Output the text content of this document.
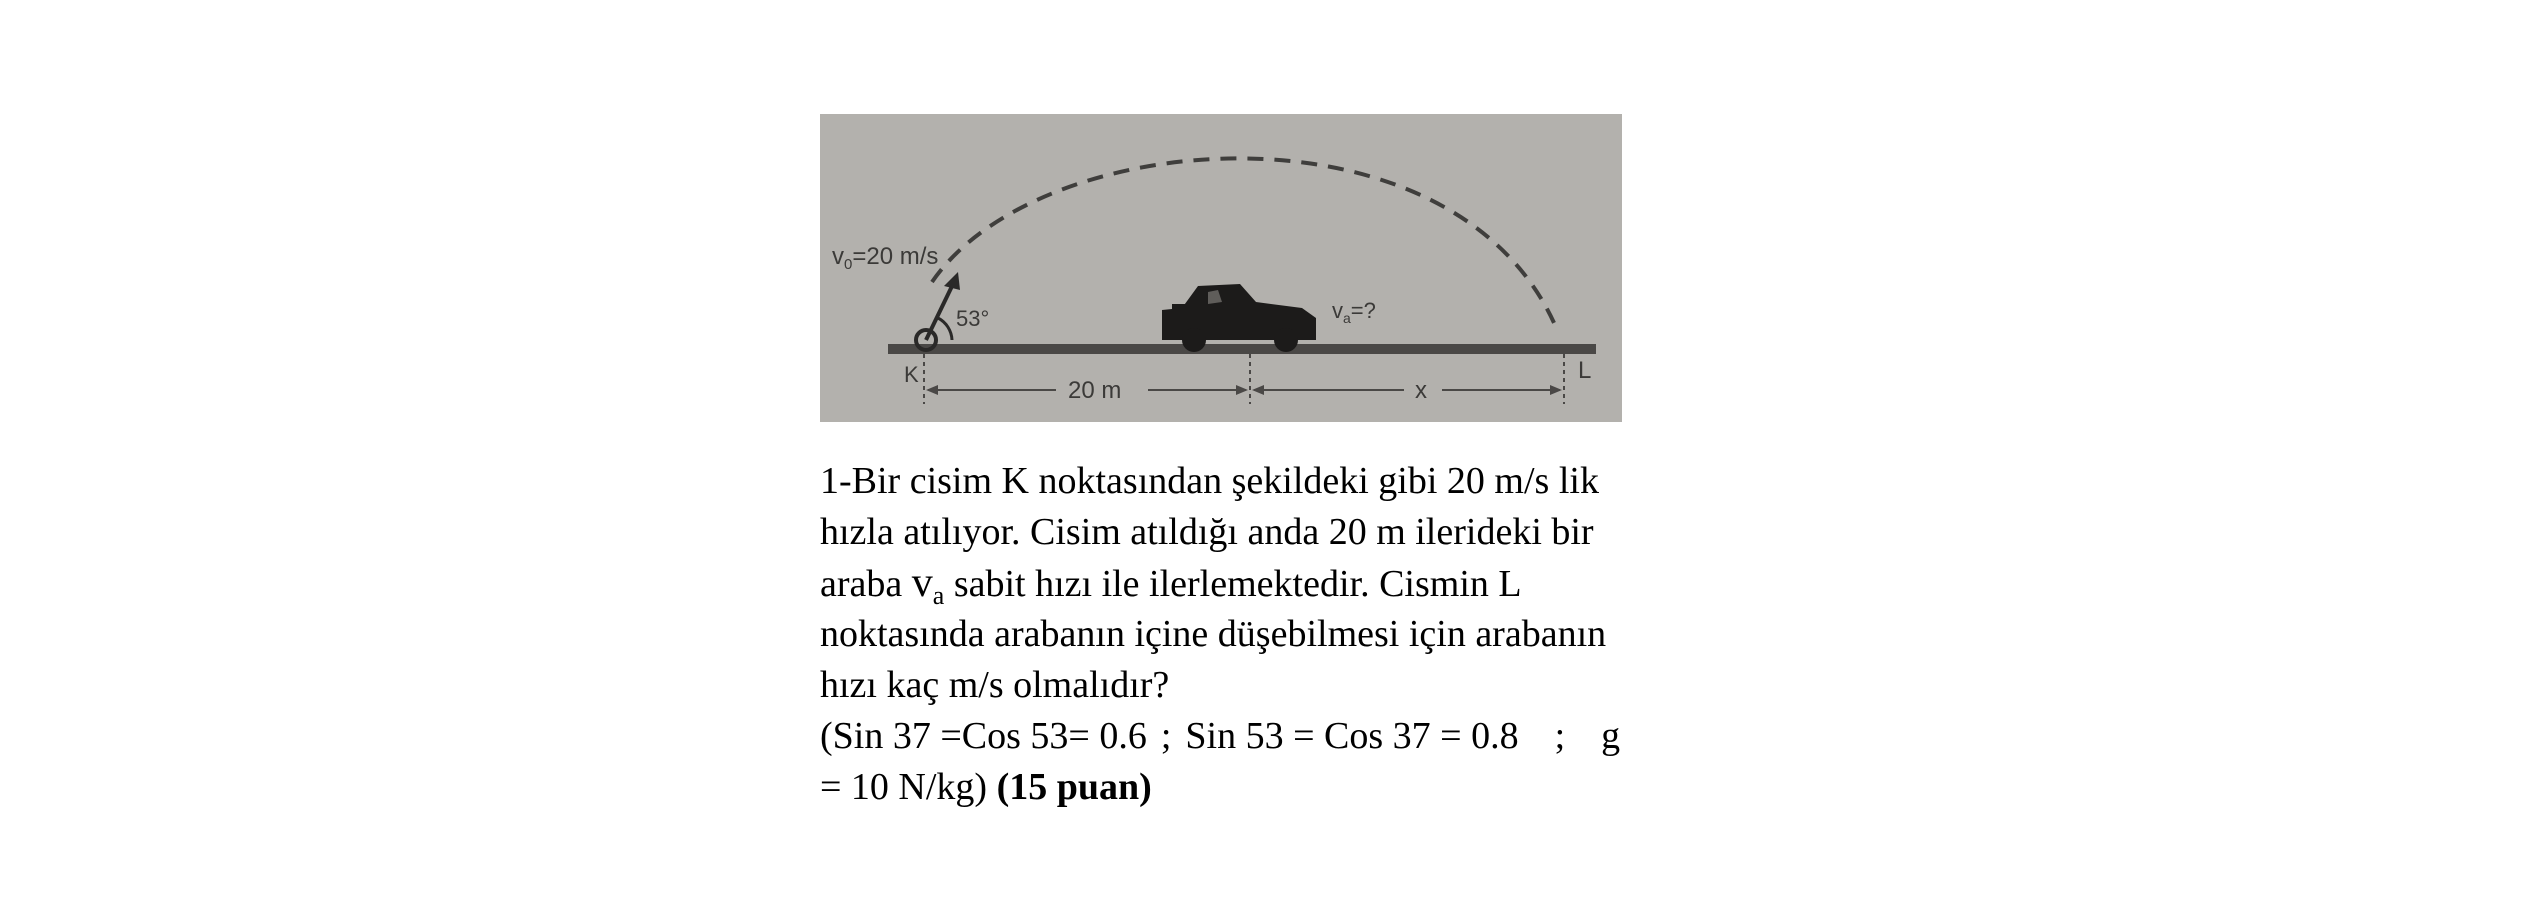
$v_0=20$ m/s
53°	$v_a=$?
K	L
20 m	x
1-Bir cisim K noktasından şekildeki gibi 20 m/s lik
hızla atılıyor. Cisim atıldığı anda 20 m ilerideki bir
araba $v_a$ sabit hızı ile ilerlemektedir. Cismin L
noktasında arabanın içine düşebilmesi için arabanın
hızı kaç m/s olmalıdır?
(Sin 37 =Cos 53= 0.6 ; Sin 53 = Cos 37 = 0.8 ; g
= 10 N/kg) (15 puan)
